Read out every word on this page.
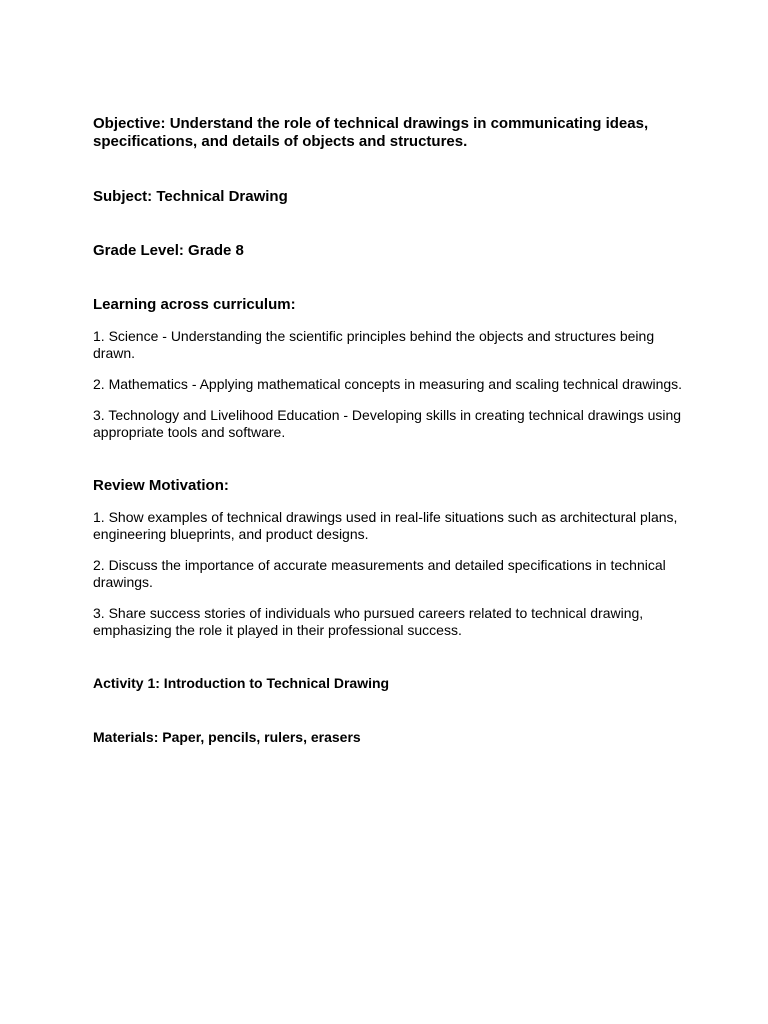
Objective: Understand the role of technical drawings in communicating ideas, specifications, and details of objects and structures.

Subject: Technical Drawing

Grade Level: Grade 8

Learning across curriculum:

1. Science - Understanding the scientific principles behind the objects and structures being drawn.

2. Mathematics - Applying mathematical concepts in measuring and scaling technical drawings.

3. Technology and Livelihood Education - Developing skills in creating technical drawings using appropriate tools and software.

Review Motivation:

1. Show examples of technical drawings used in real-life situations such as architectural plans, engineering blueprints, and product designs.

2. Discuss the importance of accurate measurements and detailed specifications in technical drawings.

3. Share success stories of individuals who pursued careers related to technical drawing, emphasizing the role it played in their professional success.

Activity 1: Introduction to Technical Drawing

Materials: Paper, pencils, rulers, erasers
